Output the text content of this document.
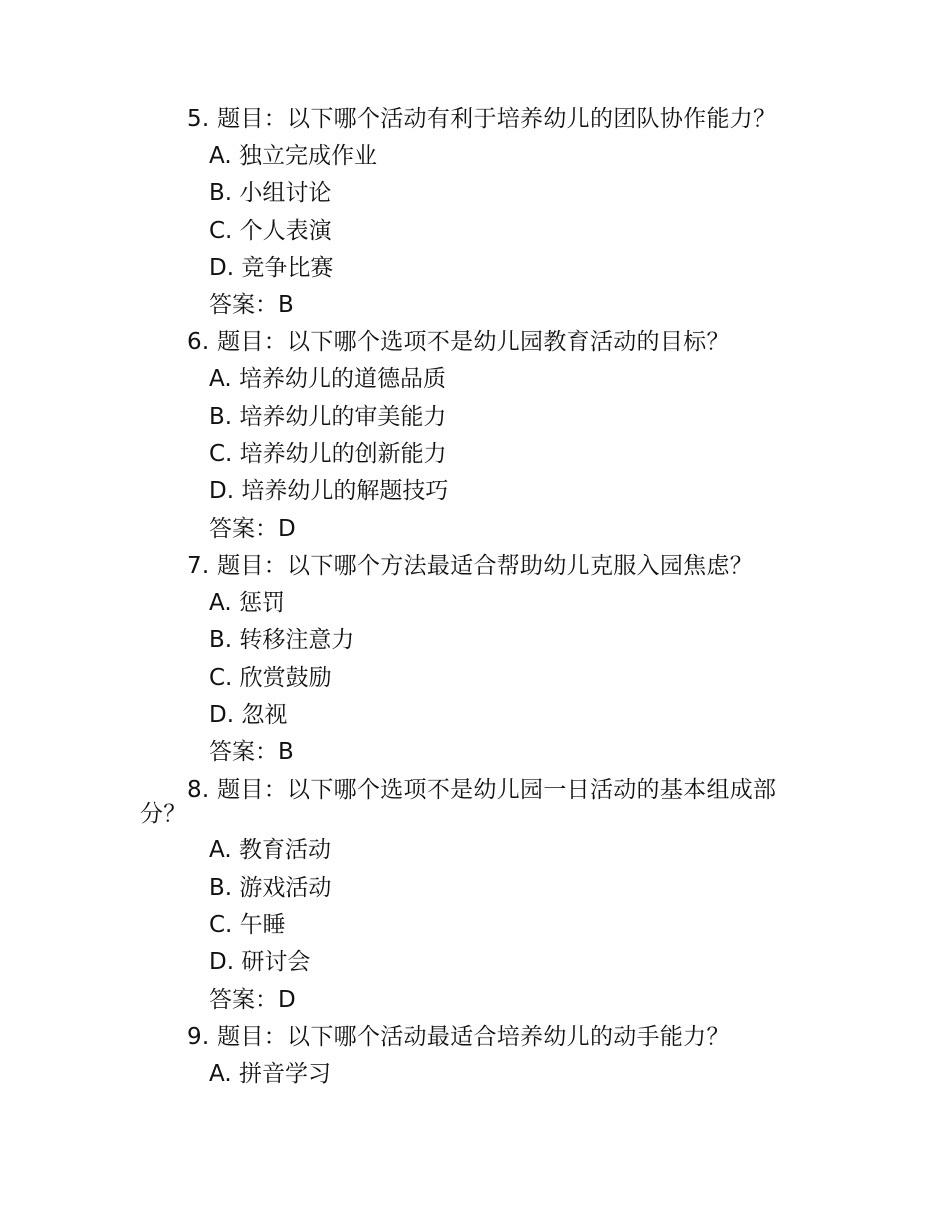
5. 题目：以下哪个活动有利于培养幼儿的团队协作能力？

A. 独立完成作业

B. 小组讨论

C. 个人表演

D. 竞争比赛

答案：B

6. 题目：以下哪个选项不是幼儿园教育活动的目标？

A. 培养幼儿的道德品质

B. 培养幼儿的审美能力

C. 培养幼儿的创新能力

D. 培养幼儿的解题技巧

答案：D

7. 题目：以下哪个方法最适合帮助幼儿克服入园焦虑？

A. 惩罚

B. 转移注意力

C. 欣赏鼓励

D. 忽视

答案：B

8. 题目：以下哪个选项不是幼儿园一日活动的基本组成部分？

A. 教育活动

B. 游戏活动

C. 午睡

D. 研讨会

答案：D

9. 题目：以下哪个活动最适合培养幼儿的动手能力？

A. 拼音学习
